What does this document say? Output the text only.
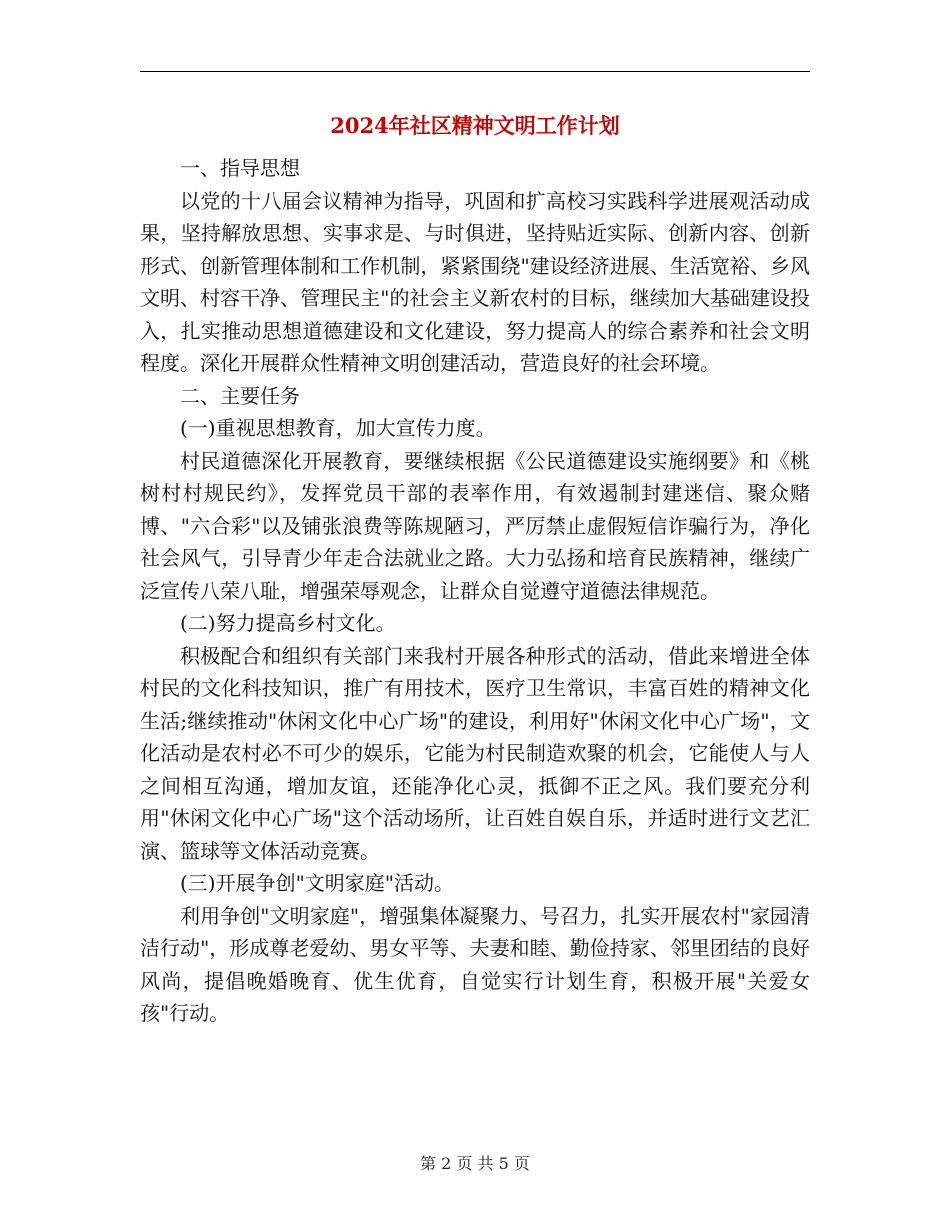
2024年社区精神文明工作计划

一、指导思想

以党的十八届会议精神为指导，巩固和扩高校习实践科学进展观活动成果，坚持解放思想、实事求是、与时俱进，坚持贴近实际、创新内容、创新形式、创新管理体制和工作机制，紧紧围绕"建设经济进展、生活宽裕、乡风文明、村容干净、管理民主"的社会主义新农村的目标，继续加大基础建设投入，扎实推动思想道德建设和文化建设，努力提高人的综合素养和社会文明程度。深化开展群众性精神文明创建活动，营造良好的社会环境。

二、主要任务

(一)重视思想教育，加大宣传力度。

村民道德深化开展教育，要继续根据《公民道德建设实施纲要》和《桃树村村规民约》，发挥党员干部的表率作用，有效遏制封建迷信、聚众赌博、"六合彩"以及铺张浪费等陈规陋习，严厉禁止虚假短信诈骗行为，净化社会风气，引导青少年走合法就业之路。大力弘扬和培育民族精神，继续广泛宣传八荣八耻，增强荣辱观念，让群众自觉遵守道德法律规范。

(二)努力提高乡村文化。

积极配合和组织有关部门来我村开展各种形式的活动，借此来增进全体村民的文化科技知识，推广有用技术，医疗卫生常识，丰富百姓的精神文化生活;继续推动"休闲文化中心广场"的建设，利用好"休闲文化中心广场"，文化活动是农村必不可少的娱乐，它能为村民制造欢聚的机会，它能使人与人之间相互沟通，增加友谊，还能净化心灵，抵御不正之风。我们要充分利用"休闲文化中心广场"这个活动场所，让百姓自娱自乐，并适时进行文艺汇演、篮球等文体活动竞赛。

(三)开展争创"文明家庭"活动。

利用争创"文明家庭"，增强集体凝聚力、号召力，扎实开展农村"家园清洁行动"，形成尊老爱幼、男女平等、夫妻和睦、勤俭持家、邻里团结的良好风尚，提倡晚婚晚育、优生优育，自觉实行计划生育，积极开展"关爱女孩"行动。

第 2 页 共 5 页
